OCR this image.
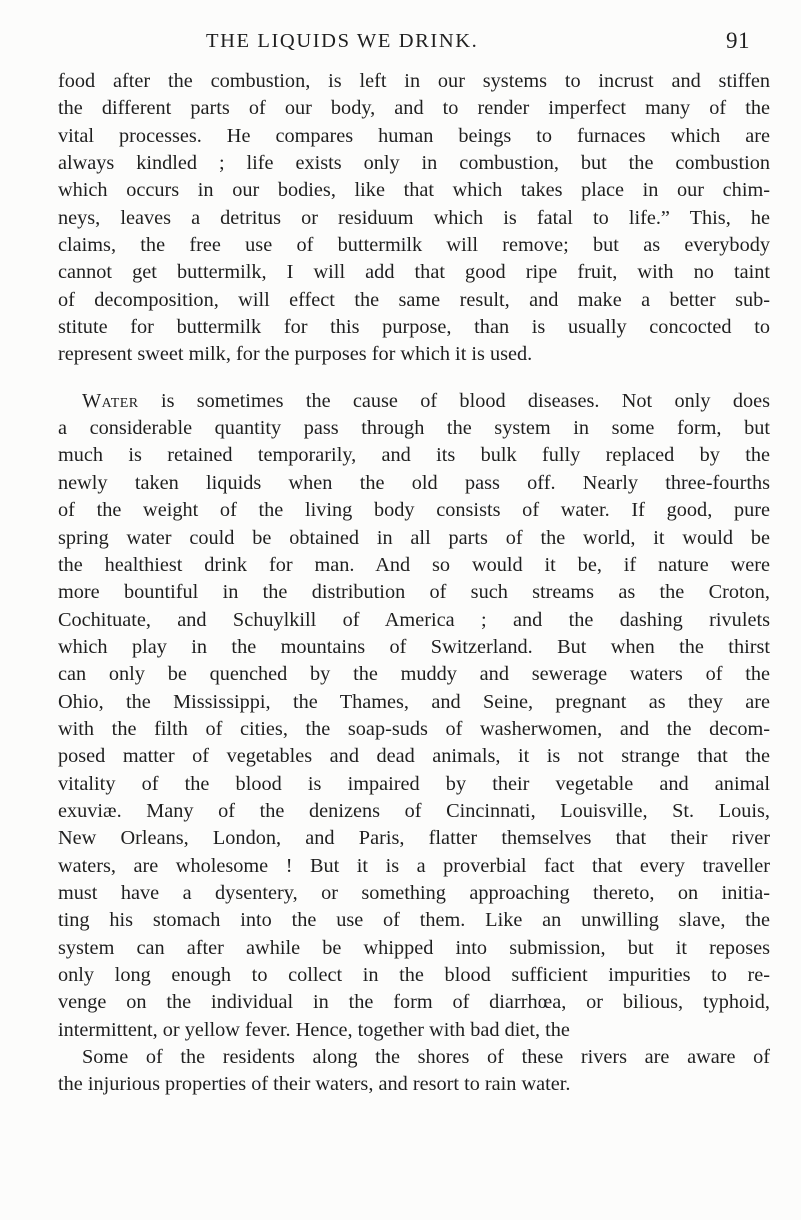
THE LIQUIDS WE DRINK.	91
food after the combustion, is left in our systems to incrust and stiffen
the different parts of our body, and to render imperfect many of the
vital processes. He compares human beings to furnaces which are
always kindled ; life exists only in combustion, but the combustion
which occurs in our bodies, like that which takes place in our chim-
neys, leaves a detritus or residuum which is fatal to life.” This, he
claims, the free use of buttermilk will remove; but as everybody
cannot get buttermilk, I will add that good ripe fruit, with no taint
of decomposition, will effect the same result, and make a better sub-
stitute for buttermilk for this purpose, than is usually concocted to
represent sweet milk, for the purposes for which it is used.
Water is sometimes the cause of blood diseases. Not only does
a considerable quantity pass through the system in some form, but
much is retained temporarily, and its bulk fully replaced by the
newly taken liquids when the old pass off. Nearly three-fourths
of the weight of the living body consists of water. If good, pure
spring water could be obtained in all parts of the world, it would be
the healthiest drink for man. And so would it be, if nature were
more bountiful in the distribution of such streams as the Croton,
Cochituate, and Schuylkill of America ; and the dashing rivulets
which play in the mountains of Switzerland. But when the thirst
can only be quenched by the muddy and sewerage waters of the
Ohio, the Mississippi, the Thames, and Seine, pregnant as they are
with the filth of cities, the soap-suds of washerwomen, and the decom-
posed matter of vegetables and dead animals, it is not strange that the
vitality of the blood is impaired by their vegetable and animal
exuviæ. Many of the denizens of Cincinnati, Louisville, St. Louis,
New Orleans, London, and Paris, flatter themselves that their river
waters, are wholesome ! But it is a proverbial fact that every traveller
must have a dysentery, or something approaching thereto, on initia-
ting his stomach into the use of them. Like an unwilling slave, the
system can after awhile be whipped into submission, but it reposes
only long enough to collect in the blood sufficient impurities to re-
venge on the individual in the form of diarrhœa, or bilious, typhoid,
intermittent, or yellow fever. Hence, together with bad diet, the
Some of the residents along the shores of these rivers are aware of
the injurious properties of their waters, and resort to rain water.
